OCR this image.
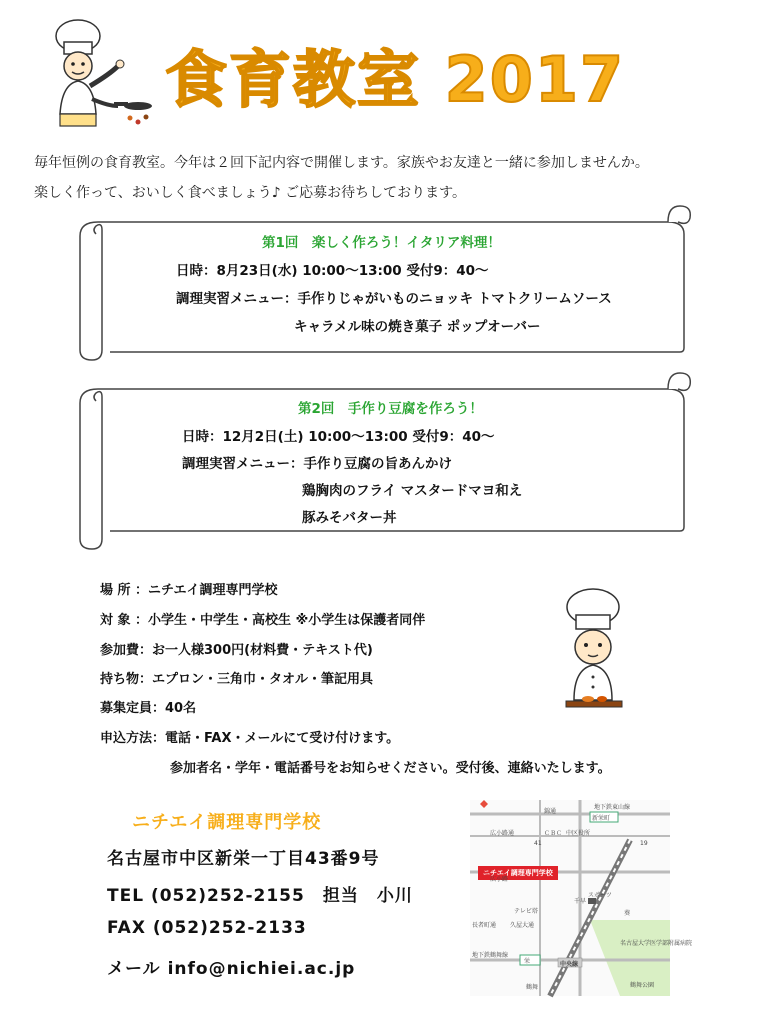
食育教室 2017
毎年恒例の食育教室。今年は２回下記内容で開催します。家族やお友達と一緒に参加しませんか。
楽しく作って、おいしく食べましょう♪ ご応募お待ちしております。
第1回　楽しく作ろう！イタリア料理！
日時：8月23日(水) 10:00～13:00 受付9：40～
調理実習メニュー：手作りじゃがいものニョッキ トマトクリームソース
キャラメル味の焼き菓子 ポップオーバー
第2回　手作り豆腐を作ろう！
日時：12月2日(土) 10:00～13:00 受付9：40～
調理実習メニュー：手作り豆腐の旨あんかけ
鶏胸肉のフライ マスタードマヨ和え
豚みそバター丼
場 所 ：ニチエイ調理専門学校
対 象 ：小学生・中学生・高校生 ※小学生は保護者同伴
参加費：お一人様300円(材料費・テキスト代)
持ち物：エプロン・三角巾・タオル・筆記用具
募集定員：40名
申込方法：電話・FAX・メールにて受け付けます。
参加者名・学年・電話番号をお知らせください。受付後、連絡いたします。
ニチエイ調理専門学校
名古屋市中区新栄一丁目43番9号
TEL (052)252-2155　担当　小川
FAX (052)252-2133
メール info@nichiei.ac.jp
ニチエイ調理専門学校
新栄町
栄
地下鉄東山線
41	19
錦通
広小路通
広小路
ＣＢＣ 中区役所
スポーツ
テレビ塔
久屋大通
名古屋大学医学部附属病院
鶴舞公園
中央線
千早
葵
長者町通
地下鉄鶴舞線
鶴舞
